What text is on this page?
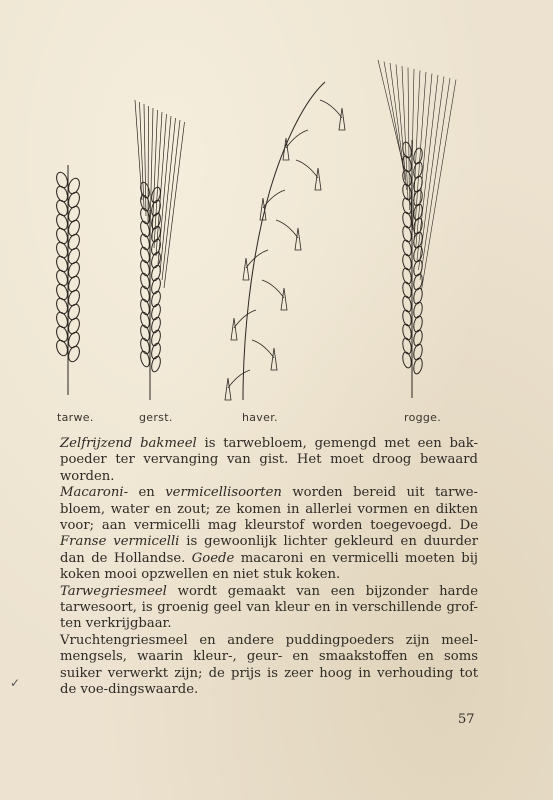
tarwe.	gerst.	haver.	rogge.

Zelfrijzend bakmeel is tarwebloem, gemengd met een bak-poeder ter vervanging van gist. Het moet droog bewaard worden.

Macaroni- en vermicellisoorten worden bereid uit tarwe-bloem, water en zout; ze komen in allerlei vormen en dikten voor; aan vermicelli mag kleurstof worden toegevoegd. De Franse vermicelli is gewoonlijk lichter gekleurd en duurder dan de Hollandse. Goede macaroni en vermicelli moeten bij koken mooi opzwellen en niet stuk koken.

Tarwegriesmeel wordt gemaakt van een bijzonder harde tarwesoort, is groenig geel van kleur en in verschillende grof-ten verkrijgbaar.

Vruchtengriesmeel en andere puddingpoeders zijn meel-mengsels, waarin kleur-, geur- en smaakstoffen en soms suiker verwerkt zijn; de prijs is zeer hoog in verhouding tot de voe-dingswaarde.

✓
57
